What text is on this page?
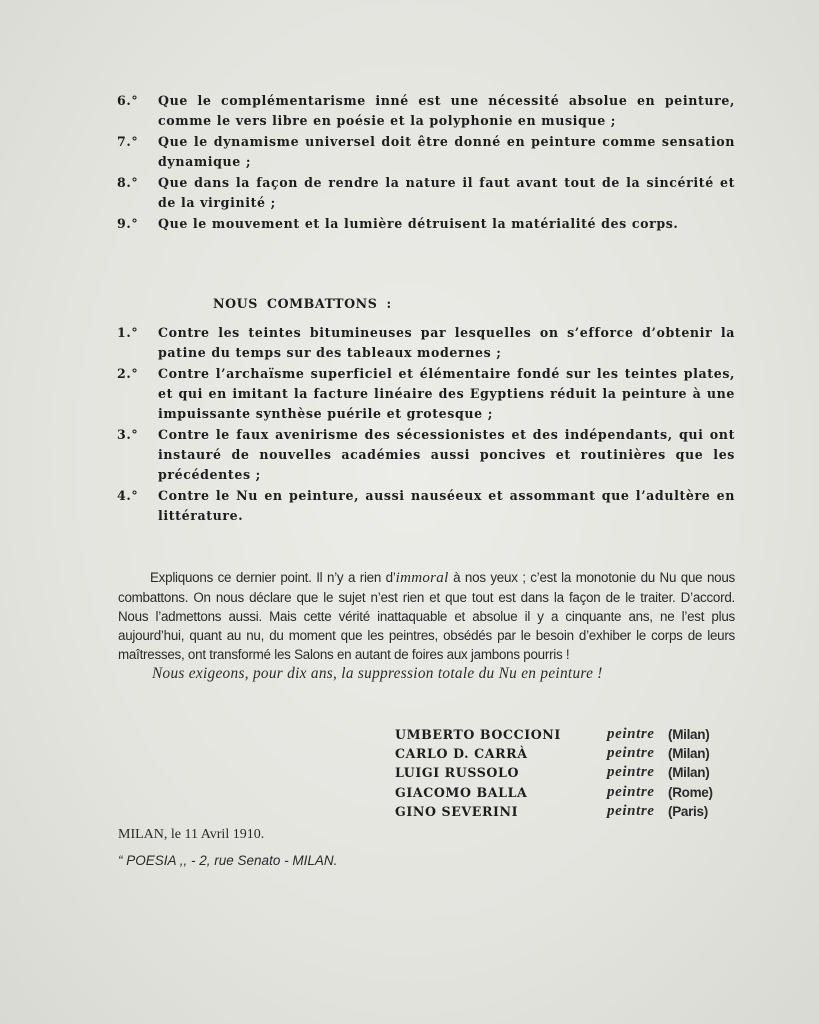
6.° Que le complémentarisme inné est une nécessité absolue en peinture, comme le vers libre en poésie et la polyphonie en musique ;
7.° Que le dynamisme universel doit être donné en peinture comme sensation dynamique ;
8.° Que dans la façon de rendre la nature il faut avant tout de la sincérité et de la virginité ;
9.° Que le mouvement et la lumière détruisent la matérialité des corps.
NOUS COMBATTONS :
1.° Contre les teintes bitumineuses par lesquelles on s’efforce d’obtenir la patine du temps sur des tableaux modernes ;
2.° Contre l’archaïsme superficiel et élémentaire fondé sur les teintes plates, et qui en imitant la facture linéaire des Egyptiens réduit la peinture à une impuissante synthèse puérile et grotesque ;
3.° Contre le faux avenirisme des sécessionistes et des indépendants, qui ont instauré de nouvelles académies aussi poncives et routinières que les précédentes ;
4.° Contre le Nu en peinture, aussi nauséeux et assommant que l’adultère en littérature.

Expliquons ce dernier point. Il n’y a rien d’immoral à nos yeux ; c’est la monotonie du Nu que nous combattons. On nous déclare que le sujet n’est rien et que tout est dans la façon de le traiter. D’accord. Nous l’admettons aussi. Mais cette vérité inattaquable et absolue il y a cinquante ans, ne l’est plus aujourd’hui, quant au nu, du moment que les peintres, obsédés par le besoin d’exhiber le corps de leurs maîtresses, ont transformé les Salons en autant de foires aux jambons pourris !

Nous exigeons, pour dix ans, la suppression totale du Nu en peinture !
UMBERTO BOCCIONI	peintre (Milan)
CARLO D. CARRÀ	peintre (Milan)
LUIGI RUSSOLO	peintre (Milan)
GIACOMO BALLA	peintre (Rome)
GINO SEVERINI	peintre (Paris)
MILAN, le 11 Avril 1910.
“ POESIA ,, - 2, rue Senato - MILAN.
